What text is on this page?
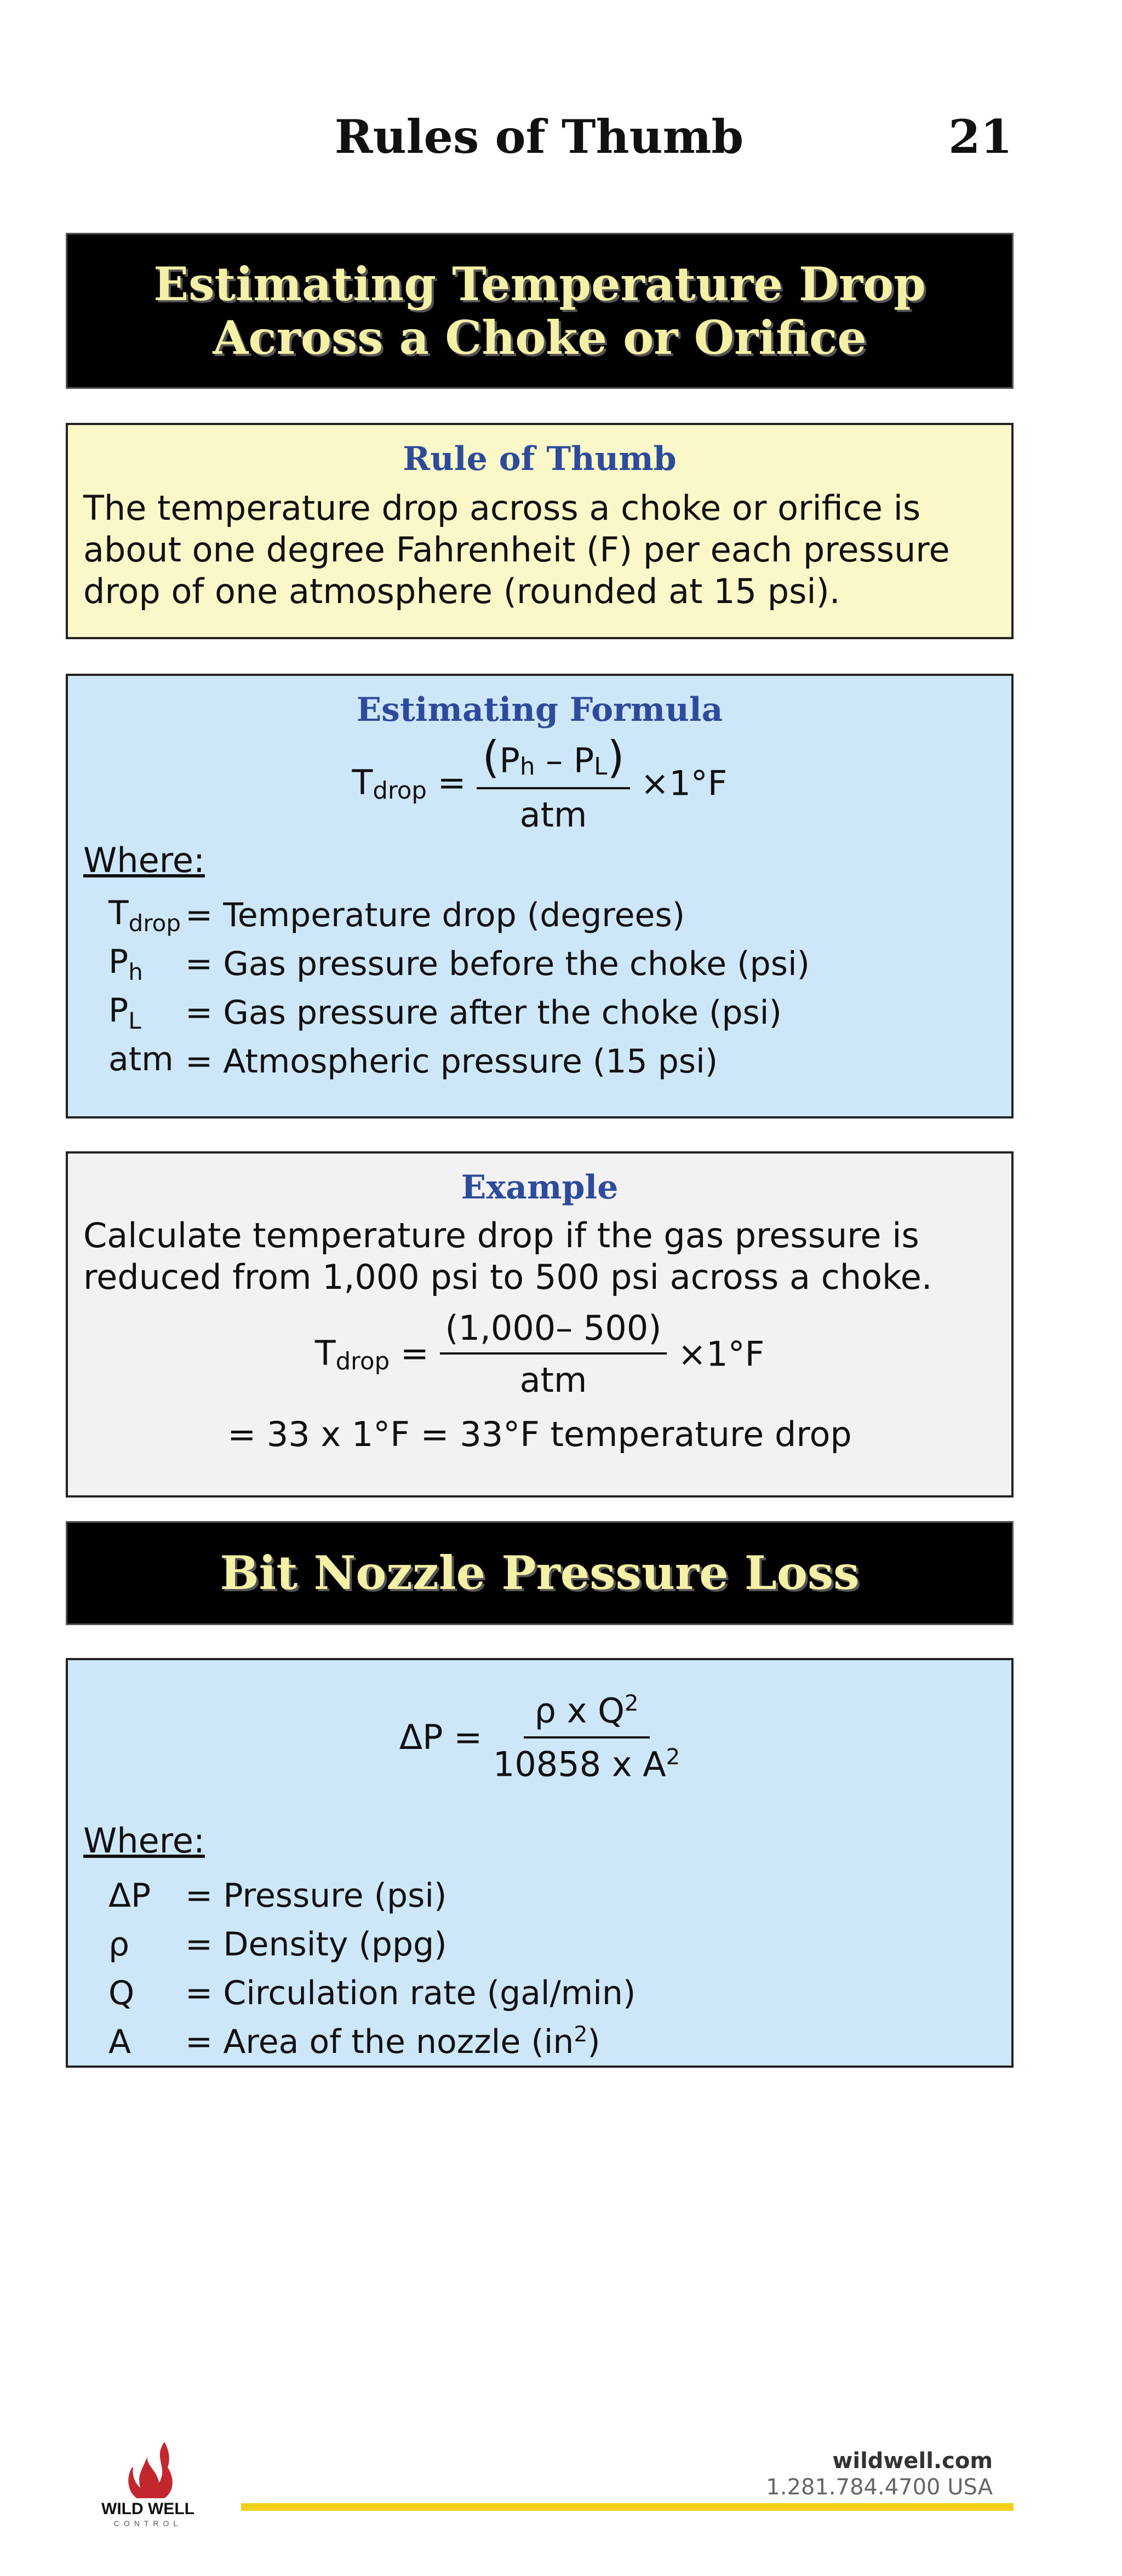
Rules of Thumb	21
Estimating Temperature Drop
Across a Choke or Orifice
Rule of Thumb
The temperature drop across a choke or orifice is
about one degree Fahrenheit (F) per each pressure
drop of one atmosphere (rounded at 15 psi).
Estimating Formula
$T_{drop} = \frac{(P_h - P_L)}{\text{atm}} \times 1^\circ F$
Where:
$T_{drop}$ = Temperature drop (degrees)
$P_h$	= Gas pressure before the choke (psi)
$P_L$	= Gas pressure after the choke (psi)
atm = Atmospheric pressure (15 psi)
Example
Calculate temperature drop if the gas pressure is
reduced from 1,000 psi to 500 psi across a choke.
$T_{drop} = \frac{(1,000- 500)}{\text{atm}} \times 1^\circ F$
= 33 x 1°F = 33°F temperature drop
Bit Nozzle Pressure Loss
$\Delta P = \frac{\rho x Q^2}{10858 x A^2}$
Where:
ΔP	= Pressure (psi)
ρ	= Density (ppg)
Q	= Circulation rate (gal/min)
A	= Area of the nozzle $(in^2)$
WILD WELL
CONTROL
wildwell.com
1.281.784.4700 USA
